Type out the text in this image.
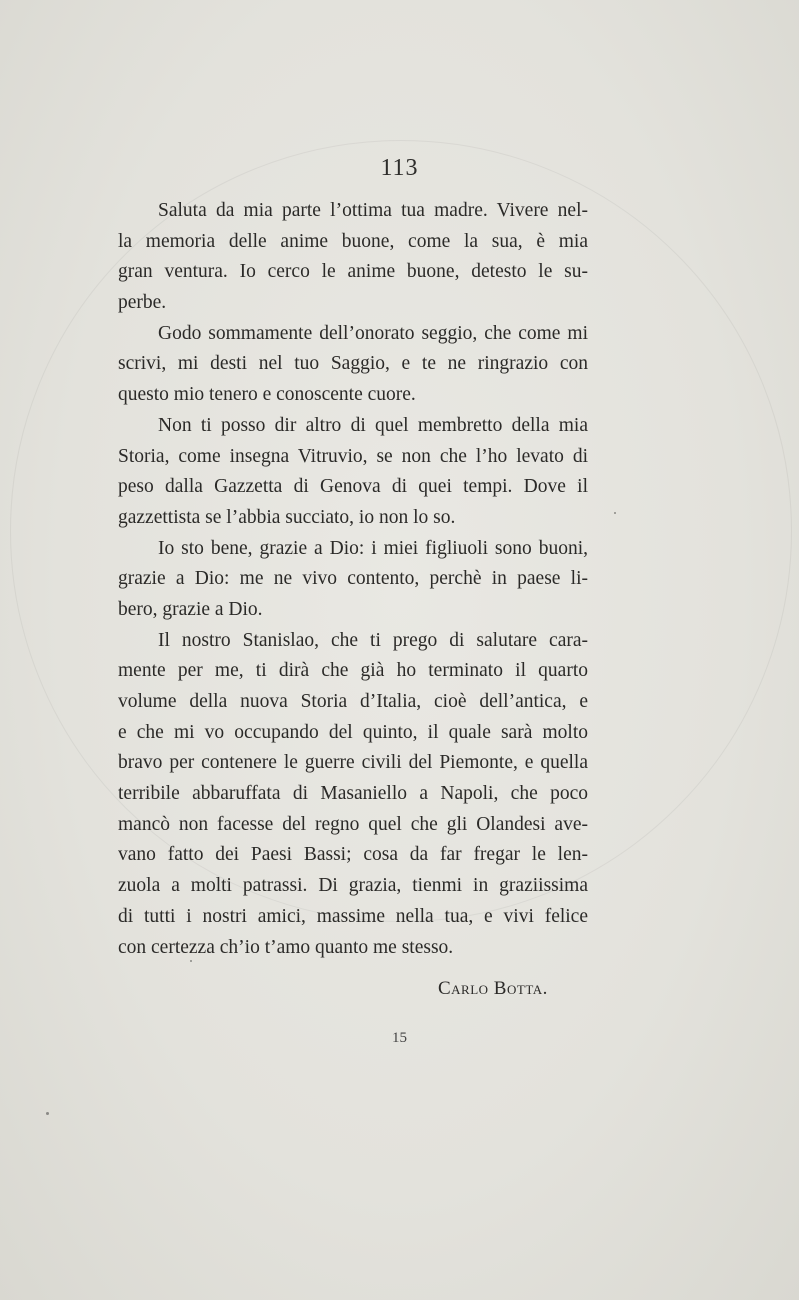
113
Saluta da mia parte l’ottima tua madre. Vivere nel-
la memoria delle anime buone, come la sua, è mia
gran ventura. Io cerco le anime buone, detesto le su-
perbe.
Godo sommamente dell’onorato seggio, che come mi
scrivi, mi desti nel tuo Saggio, e te ne ringrazio con
questo mio tenero e conoscente cuore.
Non ti posso dir altro di quel membretto della mia
Storia, come insegna Vitruvio, se non che l’ho levato di
peso dalla Gazzetta di Genova di quei tempi. Dove il
gazzettista se l’abbia succiato, io non lo so.
Io sto bene, grazie a Dio: i miei figliuoli sono buoni,
grazie a Dio: me ne vivo contento, perchè in paese li-
bero, grazie a Dio.
Il nostro Stanislao, che ti prego di salutare cara-
mente per me, ti dirà che già ho terminato il quarto
volume della nuova Storia d’Italia, cioè dell’antica, e
e che mi vo occupando del quinto, il quale sarà molto
bravo per contenere le guerre civili del Piemonte, e quella
terribile abbaruffata di Masaniello a Napoli, che poco
mancò non facesse del regno quel che gli Olandesi ave-
vano fatto dei Paesi Bassi; cosa da far fregar le len-
zuola a molti patrassi. Di grazia, tienmi in graziissima
di tutti i nostri amici, massime nella tua, e vivi felice
con certezza ch’io t’amo quanto me stesso.
Carlo Botta.
15
